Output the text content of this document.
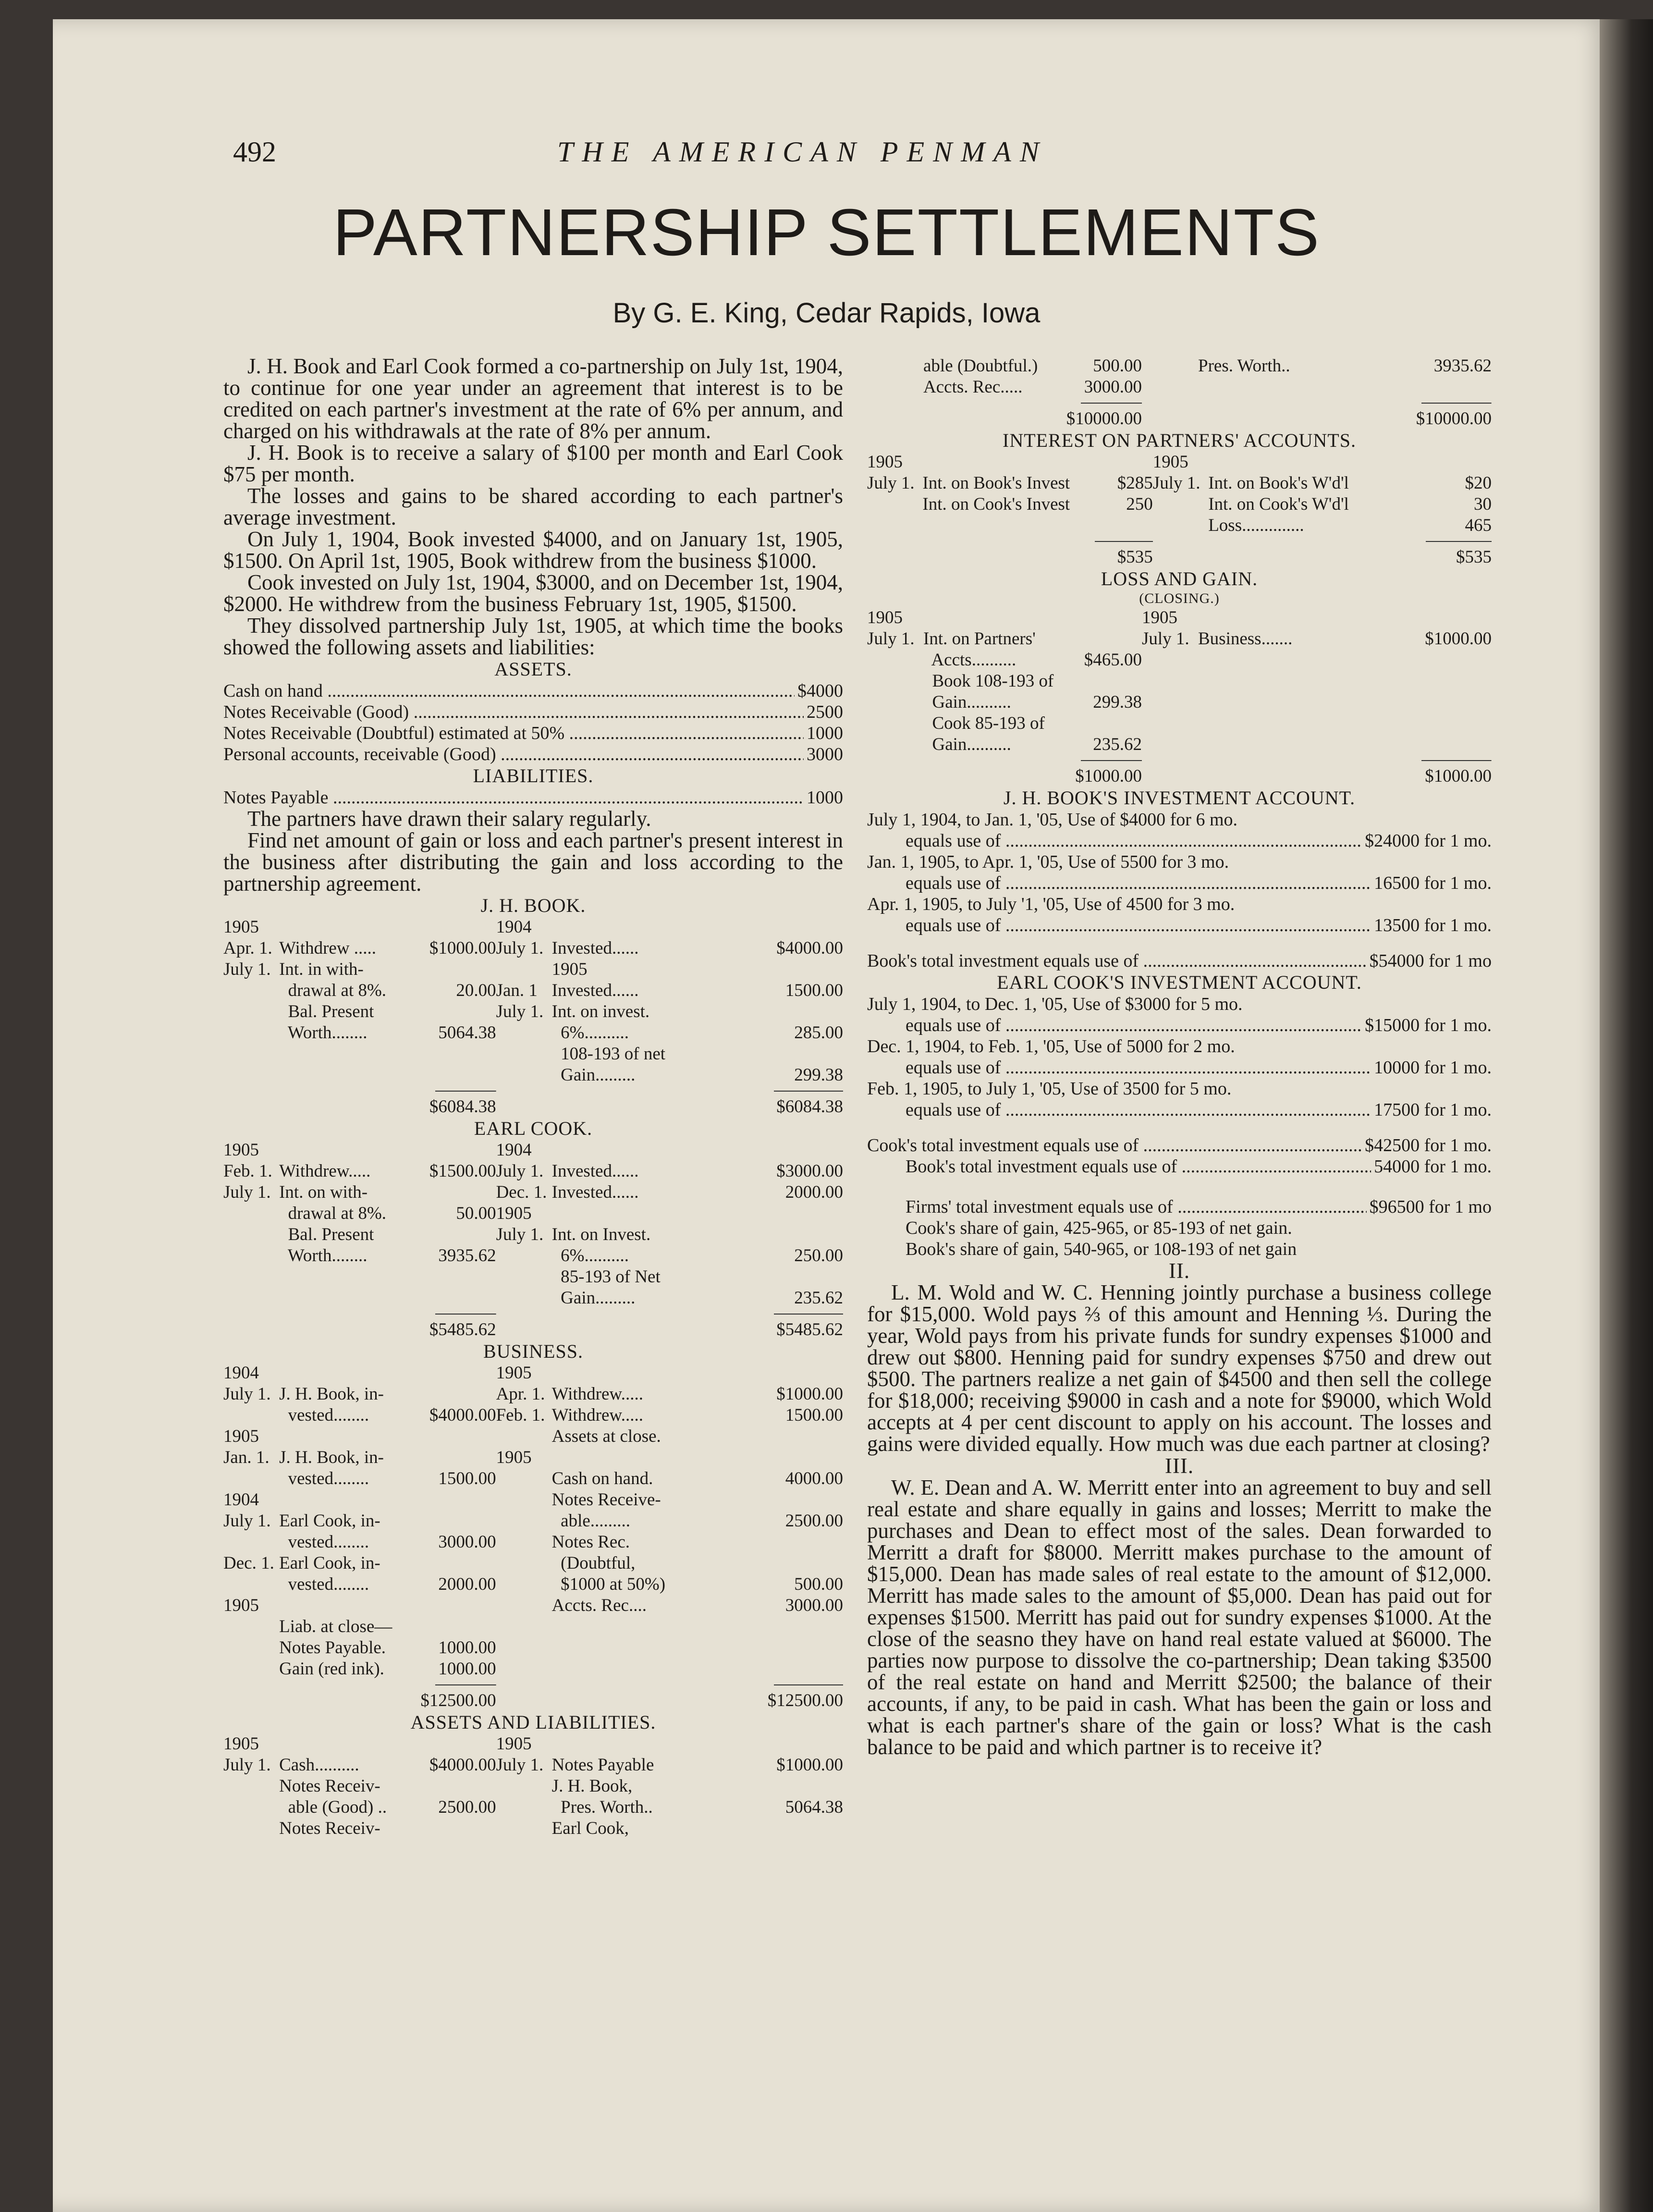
492	THE AMERICAN PENMAN
PARTNERSHIP SETTLEMENTS
By G. E. King, Cedar Rapids, Iowa

J. H. Book and Earl Cook formed a co-partnership on July 1st, 1904, to continue for one year under an agreement that interest is to be credited on each partner's investment at the rate of 6% per annum, and charged on his withdrawals at the rate of 8% per annum.

J. H. Book is to receive a salary of $100 per month and Earl Cook $75 per month.

The losses and gains to be shared according to each partner's average investment.

On July 1, 1904, Book invested $4000, and on January 1st, 1905, $1500. On April 1st, 1905, Book withdrew from the business $1000.

Cook invested on July 1st, 1904, $3000, and on December 1st, 1904, $2000. He withdrew from the business February 1st, 1905, $1500.

They dissolved partnership July 1st, 1905, at which time the books showed the following assets and liabilities:

ASSETS.
Cash on hand .....	$4000
Notes Receivable (Good) .....	2500
Notes Receivable (Doubtful) estimated at 50% .....	1000
Personal accounts, receivable (Good) .....	3000
LIABILITIES.
Notes Payable .....	1000

The partners have drawn their salary regularly.

Find net amount of gain or loss and each partner's present interest in the business after distributing the gain and loss according to the partnership agreement.

J. H. BOOK.
1905			1904		
Apr. 1.	Withdrew .....	$1000.00	July 1.	Invested......	$4000.00
July 1.	Int. in with-			1905	
	drawal at 8%.	20.00	Jan. 1	Invested......	1500.00
	Bal. Present		July 1.	Int. on invest.	
	Worth........	5064.38		6%..........	285.00
				108-193 of net	
				Gain.........	299.38
		$6084.38			$6084.38
EARL COOK.
1905			1904		
Feb. 1.	Withdrew.....	$1500.00	July 1.	Invested......	$3000.00
July 1.	Int. on with-		Dec. 1.	Invested......	2000.00
	drawal at 8%.	50.00	1905		
	Bal. Present		July 1.	Int. on Invest.	
	Worth........	3935.62		6%..........	250.00
				85-193 of Net	
				Gain.........	235.62
		$5485.62			$5485.62
BUSINESS.
1904			1905		
July 1.	J. H. Book, in-		Apr. 1.	Withdrew.....	$1000.00
	vested........	$4000.00	Feb. 1.	Withdrew.....	1500.00
1905				Assets at close.	
Jan. 1.	J. H. Book, in-		1905		
	vested........	1500.00		Cash on hand.	4000.00
1904				Notes Receive-	
July 1.	Earl Cook, in-			able.........	2500.00
	vested........	3000.00		Notes Rec.	
Dec. 1.	Earl Cook, in-			(Doubtful,	
	vested........	2000.00		$1000 at 50%)	500.00
1905				Accts. Rec....	3000.00
	Liab. at close—				
	Notes Payable.	1000.00			
	Gain (red ink).	1000.00			
		$12500.00			$12500.00
ASSETS AND LIABILITIES.
1905			1905		
July 1.	Cash..........	$4000.00	July 1.	Notes Payable	$1000.00
	Notes Receiv-			J. H. Book,	
	able (Good) ..	2500.00		Pres. Worth..	5064.38
	Notes Receiv-			Earl Cook,	
	able (Doubtful.)	500.00		Pres. Worth..	3935.62
	Accts. Rec.....	3000.00			
		$10000.00			$10000.00
INTEREST ON PARTNERS' ACCOUNTS.
1905			1905		
July 1.	Int. on Book's Invest	$285	July 1.	Int. on Book's W'd'l	$20
	Int. on Cook's Invest	250		Int. on Cook's W'd'l	30
				Loss..............	465
		$535			$535
LOSS AND GAIN.
(CLOSING.)
1905			1905		
July 1.	Int. on Partners'		July 1.	Business.......	$1000.00
	Accts..........	$465.00			
	Book 108-193 of				
	Gain..........	299.38			
	Cook 85-193 of				
	Gain..........	235.62			
		$1000.00			$1000.00
J. H. BOOK'S INVESTMENT ACCOUNT.
July 1, 1904, to Jan. 1, '05, Use of $4000 for 6 mo.
equals use of .....	$24000 for 1 mo.
Jan. 1, 1905, to Apr. 1, '05, Use of 5500 for 3 mo.
equals use of .....	16500 for 1 mo.
Apr. 1, 1905, to July '1, '05, Use of 4500 for 3 mo.
equals use of .....	13500 for 1 mo.
Book's total investment equals use of .....	$54000 for 1 mo
EARL COOK'S INVESTMENT ACCOUNT.
July 1, 1904, to Dec. 1, '05, Use of $3000 for 5 mo.
equals use of .....	$15000 for 1 mo.
Dec. 1, 1904, to Feb. 1, '05, Use of 5000 for 2 mo.
equals use of .....	10000 for 1 mo.
Feb. 1, 1905, to July 1, '05, Use of 3500 for 5 mo.
equals use of .....	17500 for 1 mo.
Cook's total investment equals use of .....	$42500 for 1 mo.
Book's total investment equals use of .....	54000 for 1 mo.
Firms' total investment equals use of .....	$96500 for 1 mo
Cook's share of gain, 425-965, or 85-193 of net gain.
Book's share of gain, 540-965, or 108-193 of net gain
II.

L. M. Wold and W. C. Henning jointly purchase a business college for $15,000. Wold pays ⅔ of this amount and Henning ⅓. During the year, Wold pays from his private funds for sundry expenses $1000 and drew out $800. Henning paid for sundry expenses $750 and drew out $500. The partners realize a net gain of $4500 and then sell the college for $18,000; receiving $9000 in cash and a note for $9000, which Wold accepts at 4 per cent discount to apply on his account. The losses and gains were divided equally. How much was due each partner at closing?

III.

W. E. Dean and A. W. Merritt enter into an agreement to buy and sell real estate and share equally in gains and losses; Merritt to make the purchases and Dean to effect most of the sales. Dean forwarded to Merritt a draft for $8000. Merritt makes purchase to the amount of $15,000. Dean has made sales of real estate to the amount of $12,000. Merritt has made sales to the amount of $5,000. Dean has paid out for expenses $1500. Merritt has paid out for sundry expenses $1000. At the close of the seasno they have on hand real estate valued at $6000. The parties now purpose to dissolve the co-partnership; Dean taking $3500 of the real estate on hand and Merritt $2500; the balance of their accounts, if any, to be paid in cash. What has been the gain or loss and what is each partner's share of the gain or loss? What is the cash balance to be paid and which partner is to receive it?
